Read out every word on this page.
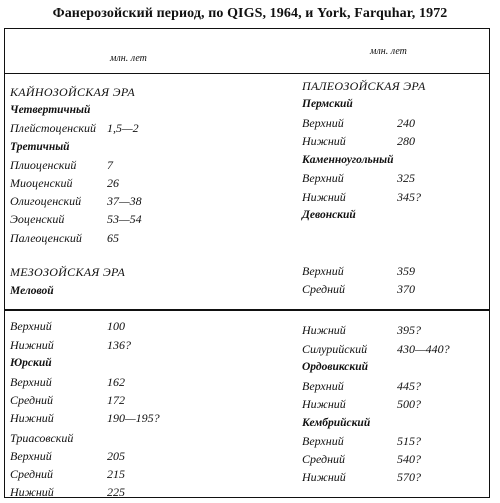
Фанерозойский период, по QIGS, 1964, и York, Farquhar, 1972
млн. лет
млн. лет
КАЙНОЗОЙСКАЯ ЭРА
Четвертичный
Плейстоценский 1,5—2
Третичный
Плиоценский	7
Миоценский	26
Олигоценский 37—38
Эоценский	53—54
Палеоценский 65
МЕЗОЗОЙСКАЯ ЭРА
Меловой
ПАЛЕОЗОЙСКАЯ ЭРА
Пермский
Верхний	240
Нижний	280
Каменноугольный
Верхний	325
Нижний	345?
Девонский
Верхний	359
Средний	370
Верхний	100
Нижний	136?
Юрский
Верхний	162
Средний	172
Нижний	190—195?
Триасовский
Верхний	205
Средний	215
Нижний	225
Нижний	395?
Силурийский 430—440?
Ордовикский
Верхний	445?
Нижний	500?
Кембрийский
Верхний	515?
Средний	540?
Нижний	570?
